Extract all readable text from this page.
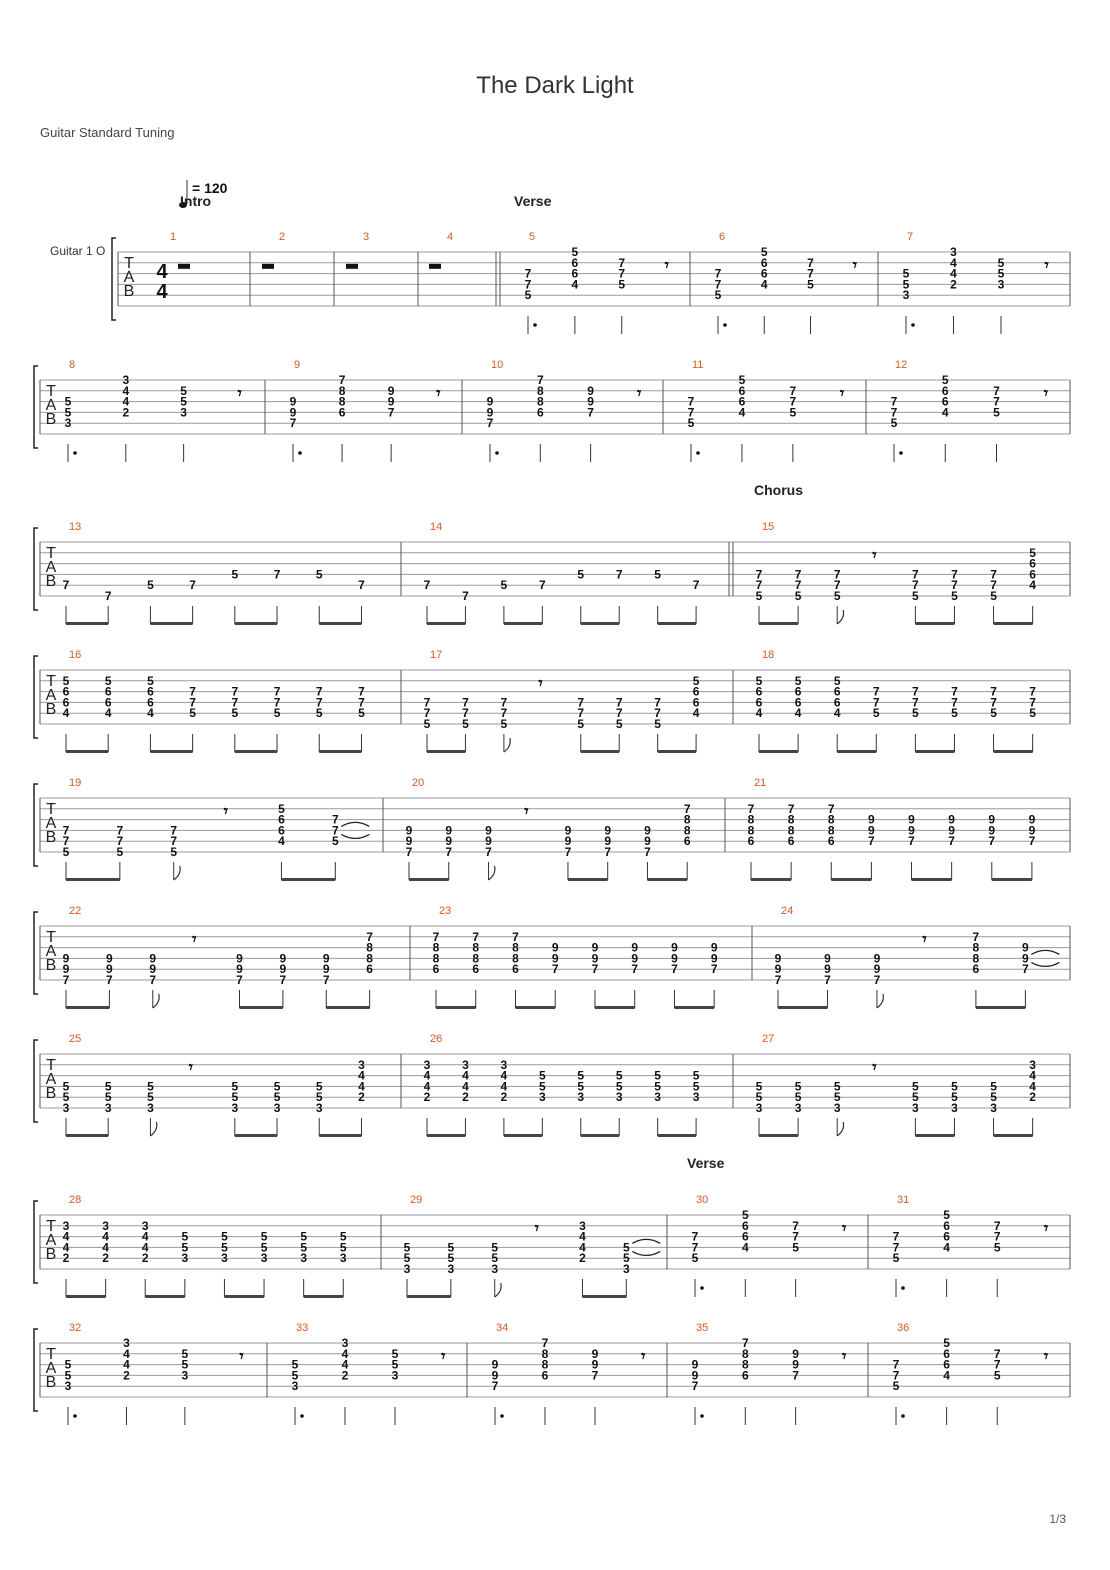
The Dark Light
Guitar Standard Tuning
1/3
T
A
B
1	2	3	4	5
7
7
5
5
6
6
4
7
7
5
𝄾
6
7
7
5
5
6
6
4
7
7
5
𝄾
7
5
5
3
3
4
4
2
5
5
3
𝄾
T
A
B
8
5
5
3
3
4
4
2
5
5
3
𝄾
9
9
9
7
7
8
8
6
9
9
7
𝄾
10
9
9
7
7
8
8
6
9
9
7
𝄾
11
7
7
5
5
6
6
4
7
7
5
𝄾
12
7
7
5
5
6
6
4
7
7
5
𝄾
T
A
B
13
7
7
5	7
5	7	5
7
14
7
7
5	7
5	7	5
7
15
7
7
5
7
7
5
7
7
5
𝄾
7
7
5
7
7
5
7
7
5
5
6
6
4
T
A
B
16
5
6
6
4
5
6
6
4
5
6
6
4
7
7
5
7
7
5
7
7
5
7
7
5
7
7
5
17
7
7
5
7
7
5
7
7
5
𝄾
7
7
5
7
7
5
7
7
5
5
6
6
4
18
5
6
6
4
5
6
6
4
5
6
6
4
7
7
5
7
7
5
7
7
5
7
7
5
7
7
5
T
A
B
19
7
7
5
7
7
5
7
7
5
𝄾	5
6
6
4
7
7
5
20
9
9
7
9
9
7
9
9
7
𝄾
9
9
7
9
9
7
9
9
7
7
8
8
6
21
7
8
8
6
7
8
8
6
7
8
8
6
9
9
7
9
9
7
9
9
7
9
9
7
9
9
7
T
A
B
22
9
9
7
9
9
7
9
9
7
𝄾
9
9
7
9
9
7
9
9
7
7
8
8
6
23
7
8
8
6
7
8
8
6
7
8
8
6
9
9
7
9
9
7
9
9
7
9
9
7
9
9
7
24
9
9
7
9
9
7
9
9
7
𝄾	7
8
8
6
9
9
7
T
A
B
25
5
5
3
5
5
3
5
5
3
𝄾
5
5
3
5
5
3
5
5
3
3
4
4
2
26
3
4
4
2
3
4
4
2
3
4
4
2
5
5
3
5
5
3
5
5
3
5
5
3
5
5
3
27
5
5
3
5
5
3
5
5
3
𝄾
5
5
3
5
5
3
5
5
3
3
4
4
2
T
A
B
28
3
4
4
2
3
4
4
2
3
4
4
2
5
5
3
5
5
3
5
5
3
5
5
3
5
5
3
29
5
5
3
5
5
3
5
5
3
𝄾	3
4
4
2
5
5
3
30
7
7
5
5
6
6
4
7
7
5
𝄾
31
7
7
5
5
6
6
4
7
7
5
𝄾
T
A
B
32
5
5
3
3
4
4
2
5
5
3
𝄾
33
5
5
3
3
4
4
2
5
5
3
𝄾
34
9
9
7
7
8
8
6
9
9
7
𝄾
35
9
9
7
7
8
8
6
9
9
7
𝄾
36
7
7
5
5
6
6
4
7
7
5
𝄾
Guitar 1 O
= 120
4
4
Intro	Verse
Chorus
Verse
